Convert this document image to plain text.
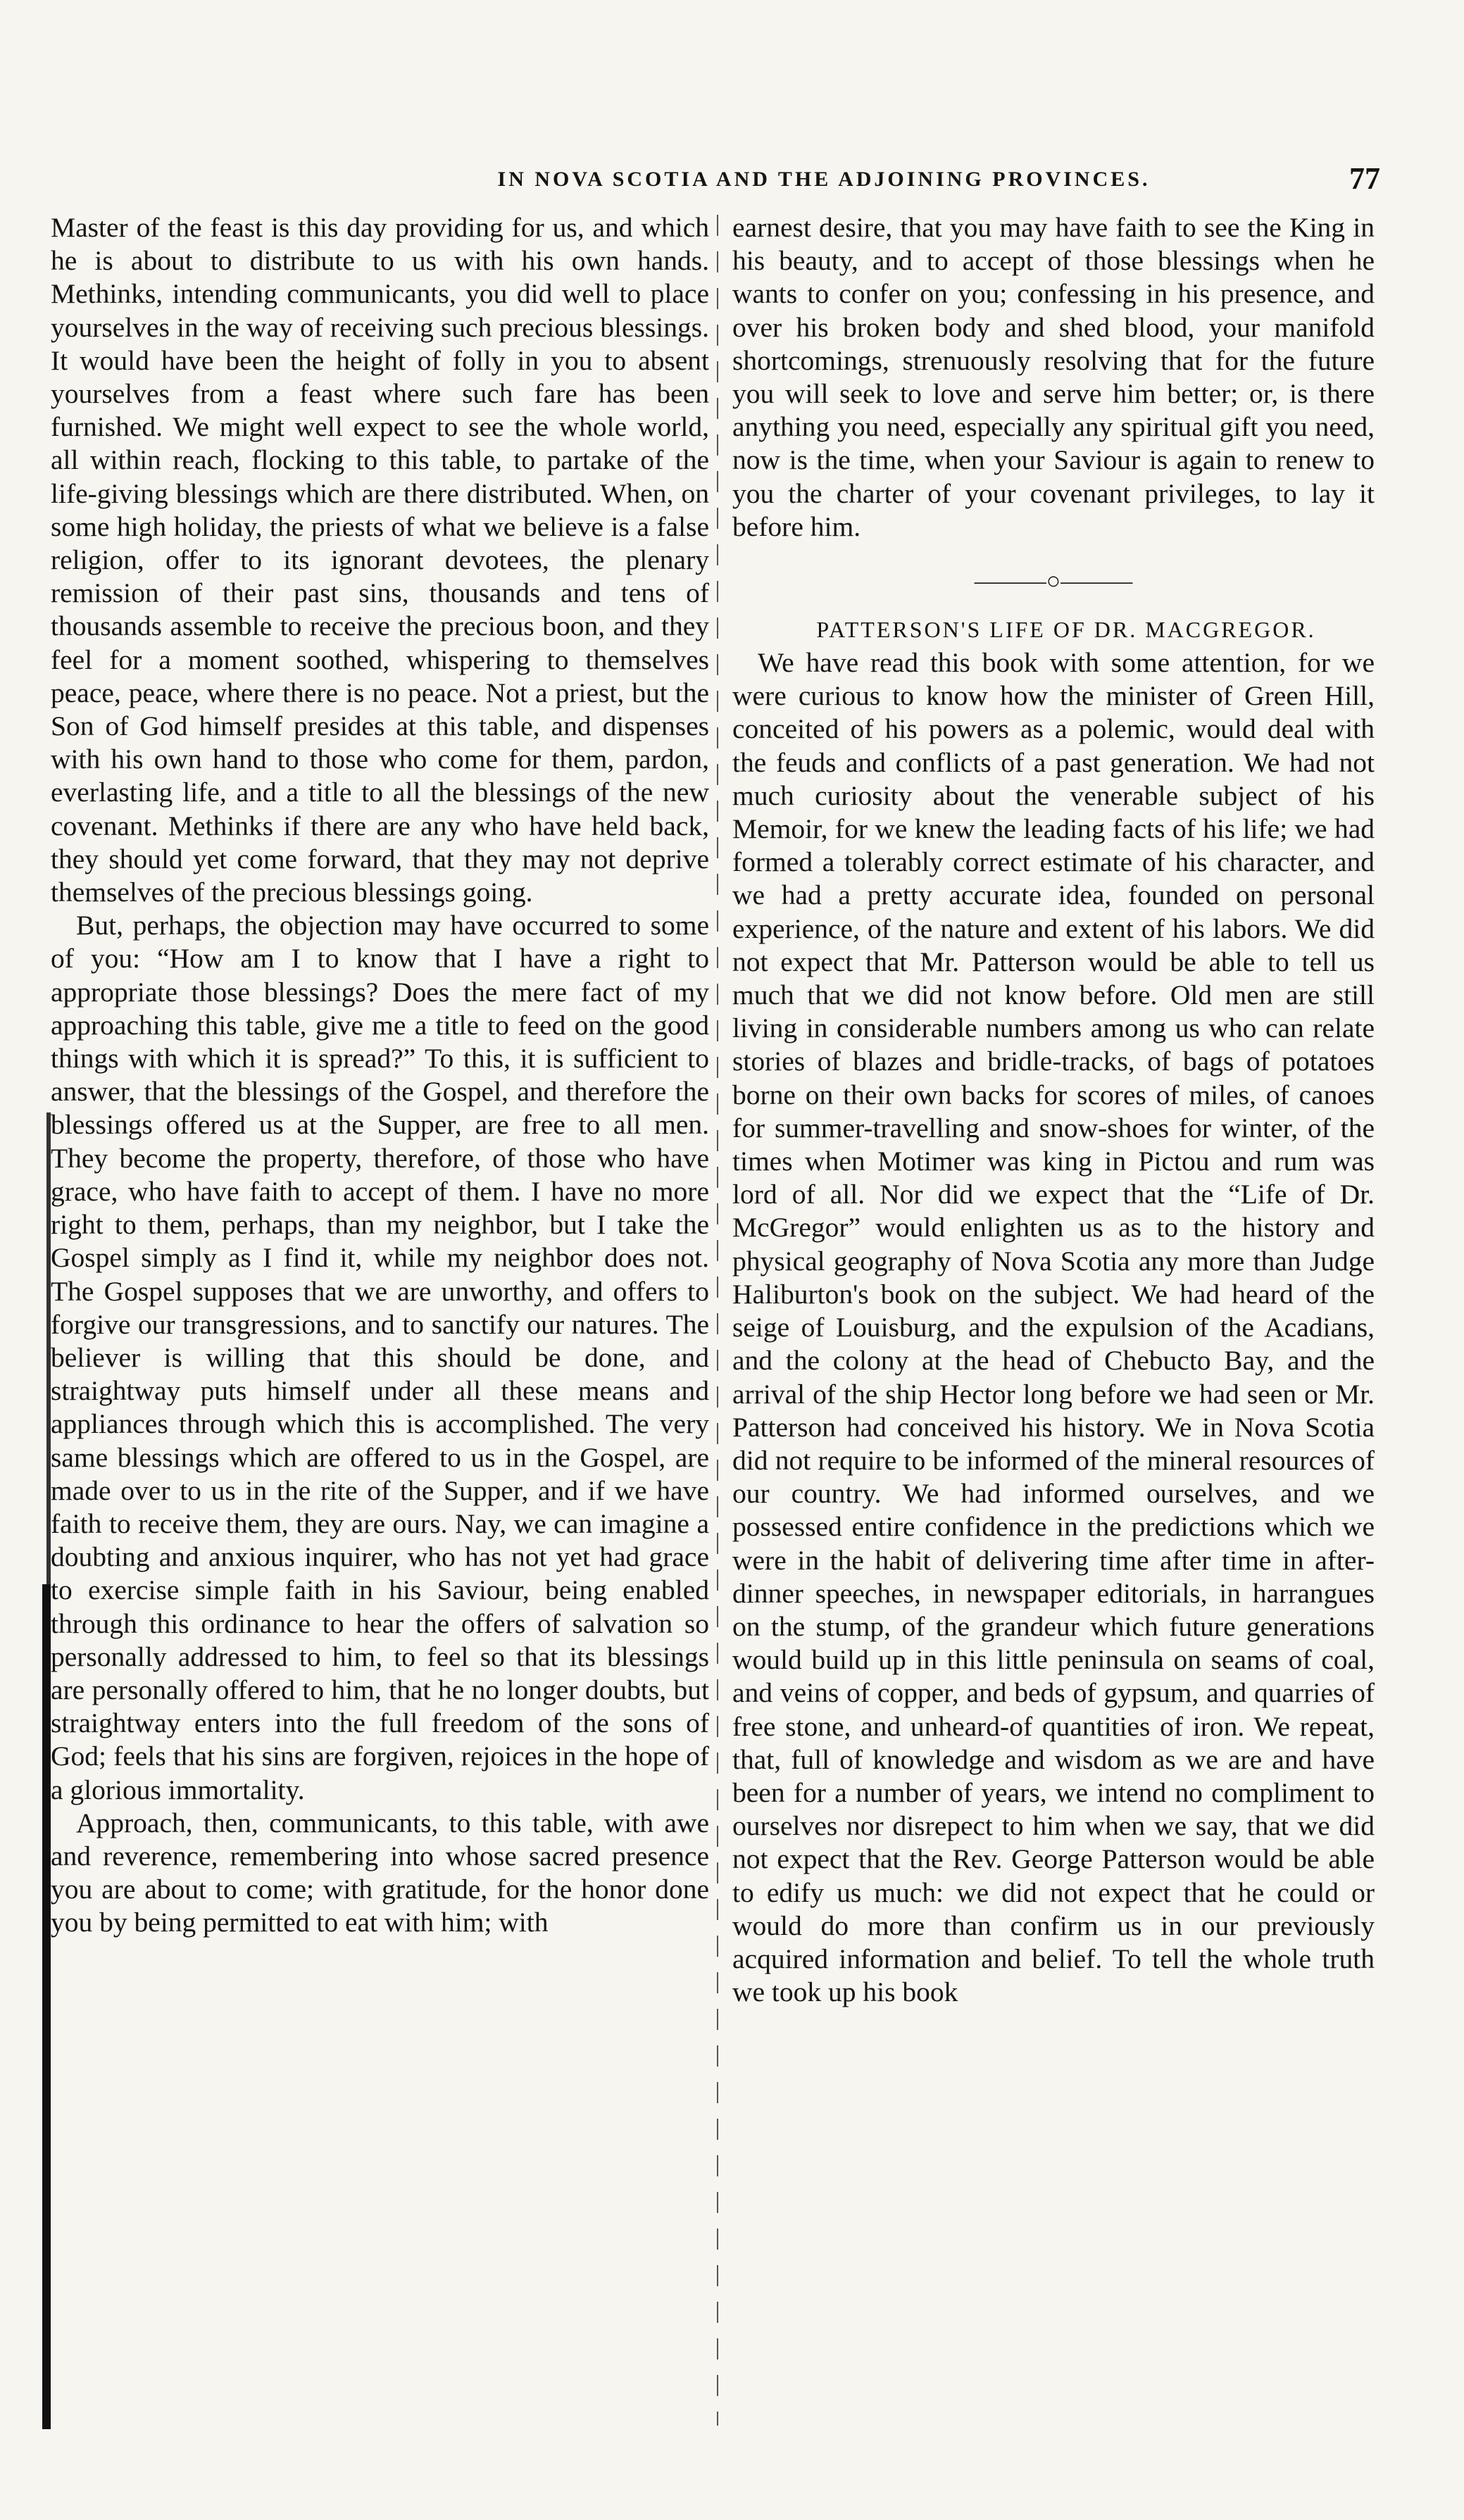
IN NOVA SCOTIA AND THE ADJOINING PROVINCES.	77

Master of the feast is this day providing for us, and which he is about to distribute to us with his own hands. Methinks, intending communicants, you did well to place yourselves in the way of receiving such precious blessings. It would have been the height of folly in you to absent yourselves from a feast where such fare has been furnished. We might well expect to see the whole world, all within reach, flocking to this table, to partake of the life-giving blessings which are there distributed. When, on some high holiday, the priests of what we believe is a false religion, offer to its ignorant devotees, the plenary remission of their past sins, thousands and tens of thousands assemble to receive the precious boon, and they feel for a moment soothed, whispering to themselves peace, peace, where there is no peace. Not a priest, but the Son of God himself presides at this table, and dispenses with his own hand to those who come for them, pardon, everlasting life, and a title to all the blessings of the new covenant. Methinks if there are any who have held back, they should yet come forward, that they may not deprive themselves of the precious blessings going.

But, perhaps, the objection may have occurred to some of you: “How am I to know that I have a right to appropriate those blessings? Does the mere fact of my approaching this table, give me a title to feed on the good things with which it is spread?” To this, it is sufficient to answer, that the blessings of the Gospel, and therefore the blessings offered us at the Supper, are free to all men. They become the property, therefore, of those who have grace, who have faith to accept of them. I have no more right to them, perhaps, than my neighbor, but I take the Gospel simply as I find it, while my neighbor does not. The Gospel supposes that we are unworthy, and offers to forgive our transgressions, and to sanctify our natures. The believer is willing that this should be done, and straightway puts himself under all these means and appliances through which this is accomplished. The very same blessings which are offered to us in the Gospel, are made over to us in the rite of the Supper, and if we have faith to receive them, they are ours. Nay, we can imagine a doubting and anxious inquirer, who has not yet had grace to exercise simple faith in his Saviour, being enabled through this ordinance to hear the offers of salvation so personally addressed to him, to feel so that its blessings are personally offered to him, that he no longer doubts, but straightway enters into the full freedom of the sons of God; feels that his sins are forgiven, rejoices in the hope of a glorious immortality.

Approach, then, communicants, to this table, with awe and reverence, remembering into whose sacred presence you are about to come; with gratitude, for the honor done you by being permitted to eat with him; with

earnest desire, that you may have faith to see the King in his beauty, and to accept of those blessings when he wants to confer on you; confessing in his presence, and over his broken body and shed blood, your manifold shortcomings, strenuously resolving that for the future you will seek to love and serve him better; or, is there anything you need, especially any spiritual gift you need, now is the time, when your Saviour is again to renew to you the charter of your covenant privileges, to lay it before him.

———○———

PATTERSON'S LIFE OF DR. MACGREGOR.

We have read this book with some attention, for we were curious to know how the minister of Green Hill, conceited of his powers as a polemic, would deal with the feuds and conflicts of a past generation. We had not much curiosity about the venerable subject of his Memoir, for we knew the leading facts of his life; we had formed a tolerably correct estimate of his character, and we had a pretty accurate idea, founded on personal experience, of the nature and extent of his labors. We did not expect that Mr. Patterson would be able to tell us much that we did not know before. Old men are still living in considerable numbers among us who can relate stories of blazes and bridle-tracks, of bags of potatoes borne on their own backs for scores of miles, of canoes for summer-travelling and snow-shoes for winter, of the times when Motimer was king in Pictou and rum was lord of all. Nor did we expect that the “Life of Dr. McGregor” would enlighten us as to the history and physical geography of Nova Scotia any more than Judge Haliburton's book on the subject. We had heard of the seige of Louisburg, and the expulsion of the Acadians, and the colony at the head of Chebucto Bay, and the arrival of the ship Hector long before we had seen or Mr. Patterson had conceived his history. We in Nova Scotia did not require to be informed of the mineral resources of our country. We had informed ourselves, and we possessed entire confidence in the predictions which we were in the habit of delivering time after time in after-dinner speeches, in newspaper editorials, in harrangues on the stump, of the grandeur which future generations would build up in this little peninsula on seams of coal, and veins of copper, and beds of gypsum, and quarries of free stone, and unheard-of quantities of iron. We repeat, that, full of knowledge and wisdom as we are and have been for a number of years, we intend no compliment to ourselves nor disrepect to him when we say, that we did not expect that the Rev. George Patterson would be able to edify us much: we did not expect that he could or would do more than confirm us in our previously acquired information and belief. To tell the whole truth we took up his book
